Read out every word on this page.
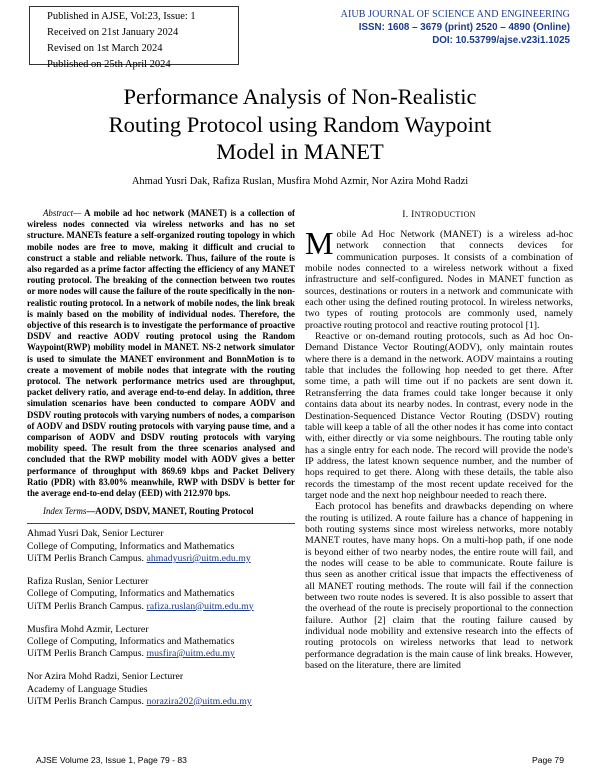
Published in AJSE, Vol:23, Issue: 1
Received on 21st January 2024
Revised on 1st March 2024
Published on 25th April 2024
AIUB JOURNAL OF SCIENCE AND ENGINEERING
ISSN: 1608 – 3679 (print) 2520 – 4890 (Online)
DOI: 10.53799/ajse.v23i1.1025
Performance Analysis of Non-Realistic
Routing Protocol using Random Waypoint
Model in MANET
Ahmad Yusri Dak, Rafiza Ruslan, Musfira Mohd Azmir, Nor Azira Mohd Radzi

Abstract— A mobile ad hoc network (MANET) is a collection of wireless nodes connected via wireless networks and has no set structure. MANETs feature a self-organized routing topology in which mobile nodes are free to move, making it difficult and crucial to construct a stable and reliable network. Thus, failure of the route is also regarded as a prime factor affecting the efficiency of any MANET routing protocol. The breaking of the connection between two routes or more nodes will cause the failure of the route specifically in the non-realistic routing protocol. In a network of mobile nodes, the link break is mainly based on the mobility of individual nodes. Therefore, the objective of this research is to investigate the performance of proactive DSDV and reactive AODV routing protocol using the Random Waypoint(RWP) mobility model in MANET. NS-2 network simulator is used to simulate the MANET environment and BonnMotion is to create a movement of mobile nodes that integrate with the routing protocol. The network performance metrics used are throughput, packet delivery ratio, and average end-to-end delay. In addition, three simulation scenarios have been conducted to compare AODV and DSDV routing protocols with varying numbers of nodes, a comparison of AODV and DSDV routing protocols with varying pause time, and a comparison of AODV and DSDV routing protocols with varying mobility speed. The result from the three scenarios analysed and concluded that the RWP mobility model with AODV gives a better performance of throughput with 869.69 kbps and Packet Delivery Ratio (PDR) with 83.00% meanwhile, RWP with DSDV is better for the average end-to-end delay (EED) with 212.970 bps.

Index Terms—AODV, DSDV, MANET, Routing Protocol

Ahmad Yusri Dak, Senior Lecturer
College of Computing, Informatics and Mathematics
UiTM Perlis Branch Campus. ahmadyusri@uitm.edu.my
Rafiza Ruslan, Senior Lecturer
College of Computing, Informatics and Mathematics
UiTM Perlis Branch Campus. rafiza.ruslan@uitm.edu.my
Musfira Mohd Azmir, Lecturer
College of Computing, Informatics and Mathematics
UiTM Perlis Branch Campus. musfira@uitm.edu.my
Nor Azira Mohd Radzi, Senior Lecturer
Academy of Language Studies
UiTM Perlis Branch Campus. norazira202@uitm.edu.my
I. INTRODUCTION

Mobile Ad Hoc Network (MANET) is a wireless ad-hoc network connection that connects devices for communication purposes. It consists of a combination of mobile nodes connected to a wireless network without a fixed infrastructure and self-configured. Nodes in MANET function as sources, destinations or routers in a network and communicate with each other using the defined routing protocol. In wireless networks, two types of routing protocols are commonly used, namely proactive routing protocol and reactive routing protocol [1].

Reactive or on-demand routing protocols, such as Ad hoc On-Demand Distance Vector Routing(AODV), only maintain routes where there is a demand in the network. AODV maintains a routing table that includes the following hop needed to get there. After some time, a path will time out if no packets are sent down it. Retransferring the data frames could take longer because it only contains data about its nearby nodes. In contrast, every node in the Destination-Sequenced Distance Vector Routing (DSDV) routing table will keep a table of all the other nodes it has come into contact with, either directly or via some neighbours. The routing table only has a single entry for each node. The record will provide the node's IP address, the latest known sequence number, and the number of hops required to get there. Along with these details, the table also records the timestamp of the most recent update received for the target node and the next hop neighbour needed to reach there.

Each protocol has benefits and drawbacks depending on where the routing is utilized. A route failure has a chance of happening in both routing systems since most wireless networks, more notably MANET routes, have many hops. On a multi-hop path, if one node is beyond either of two nearby nodes, the entire route will fail, and the nodes will cease to be able to communicate. Route failure is thus seen as another critical issue that impacts the effectiveness of all MANET routing methods. The route will fail if the connection between two route nodes is severed. It is also possible to assert that the overhead of the route is precisely proportional to the connection failure. Author [2] claim that the routing failure caused by individual node mobility and extensive research into the effects of routing protocols on wireless networks that lead to network performance degradation is the main cause of link breaks. However, based on the literature, there are limited

AJSE Volume 23, Issue 1, Page 79 - 83	Page 79
